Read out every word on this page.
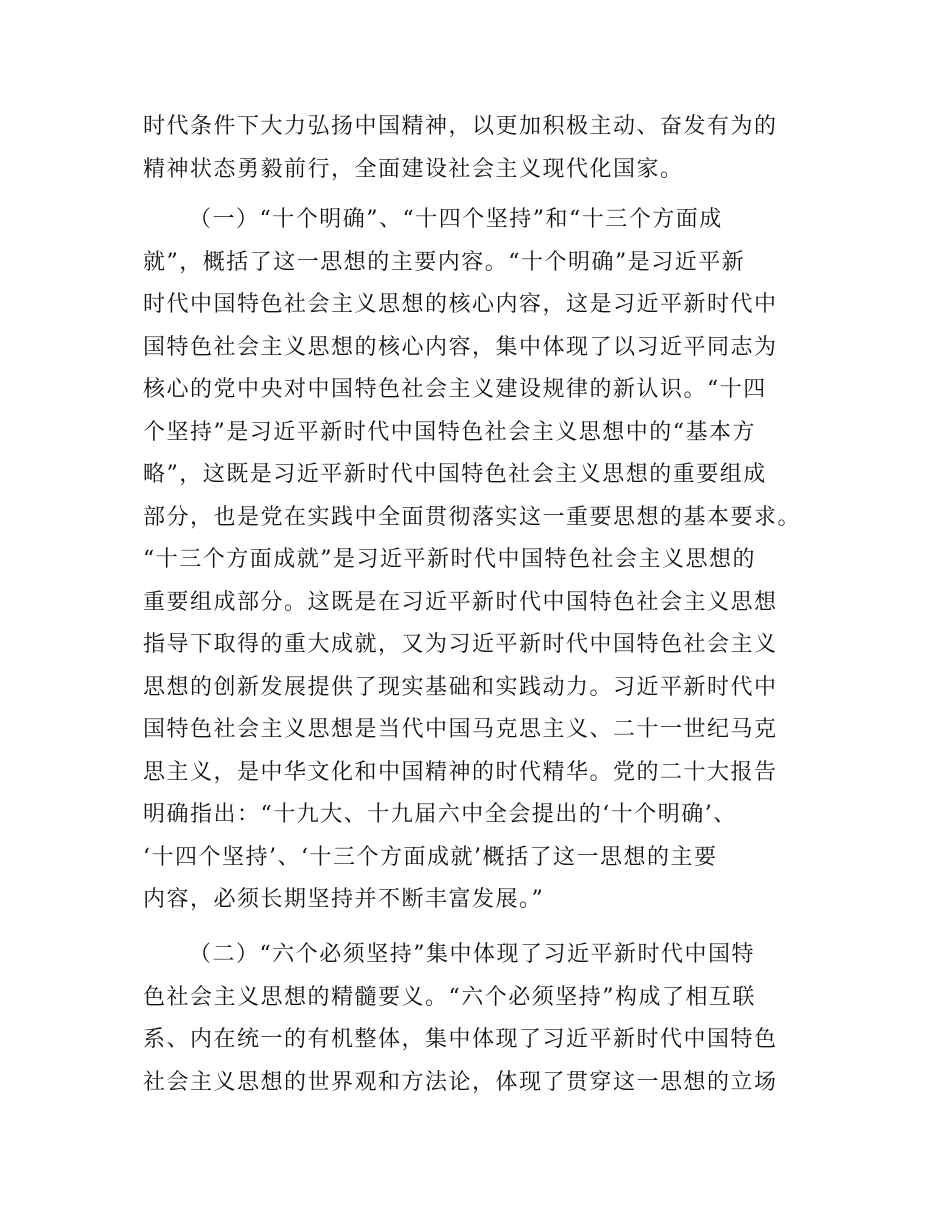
时代条件下大力弘扬中国精神，以更加积极主动、奋发有为的
精神状态勇毅前行，全面建设社会主义现代化国家。
（一）“十个明确”、“十四个坚持”和“十三个方面成
就”，概括了这一思想的主要内容。“十个明确”是习近平新
时代中国特色社会主义思想的核心内容，这是习近平新时代中
国特色社会主义思想的核心内容，集中体现了以习近平同志为
核心的党中央对中国特色社会主义建设规律的新认识。“十四
个坚持”是习近平新时代中国特色社会主义思想中的“基本方
略”，这既是习近平新时代中国特色社会主义思想的重要组成
部分，也是党在实践中全面贯彻落实这一重要思想的基本要求。
“十三个方面成就”是习近平新时代中国特色社会主义思想的
重要组成部分。这既是在习近平新时代中国特色社会主义思想
指导下取得的重大成就，又为习近平新时代中国特色社会主义
思想的创新发展提供了现实基础和实践动力。习近平新时代中
国特色社会主义思想是当代中国马克思主义、二十一世纪马克
思主义，是中华文化和中国精神的时代精华。党的二十大报告
明确指出：“十九大、十九届六中全会提出的‘十个明确’、
‘十四个坚持’、‘十三个方面成就’概括了这一思想的主要
内容，必须长期坚持并不断丰富发展。”
（二）“六个必须坚持”集中体现了习近平新时代中国特
色社会主义思想的精髓要义。“六个必须坚持”构成了相互联
系、内在统一的有机整体，集中体现了习近平新时代中国特色
社会主义思想的世界观和方法论，体现了贯穿这一思想的立场
